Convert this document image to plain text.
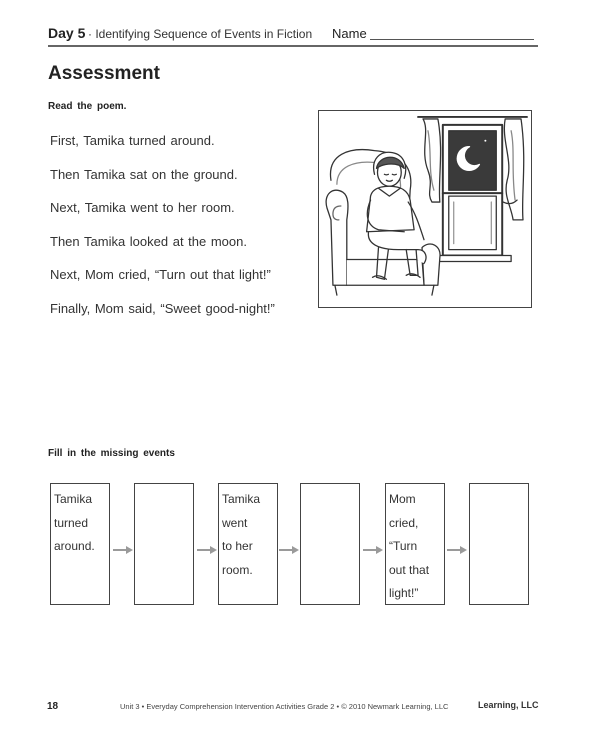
Day 5 · Identifying Sequence of Events in Fiction Name
Assessment
Read the poem.
First, Tamika turned around.
Then Tamika sat on the ground.
Next, Tamika went to her room.
Then Tamika looked at the moon.
Next, Mom cried, “Turn out that light!”
Finally, Mom said, “Sweet good-night!”
Fill in the missing events
Tamika
turned
around.
Tamika
went
to her
room.
Mom
cried,
“Turn
out that
light!”
18	Unit 3 • Everyday Comprehension Intervention Activities Grade 2 • © 2010 Newmark Learning, LLC	Learning, LLC
